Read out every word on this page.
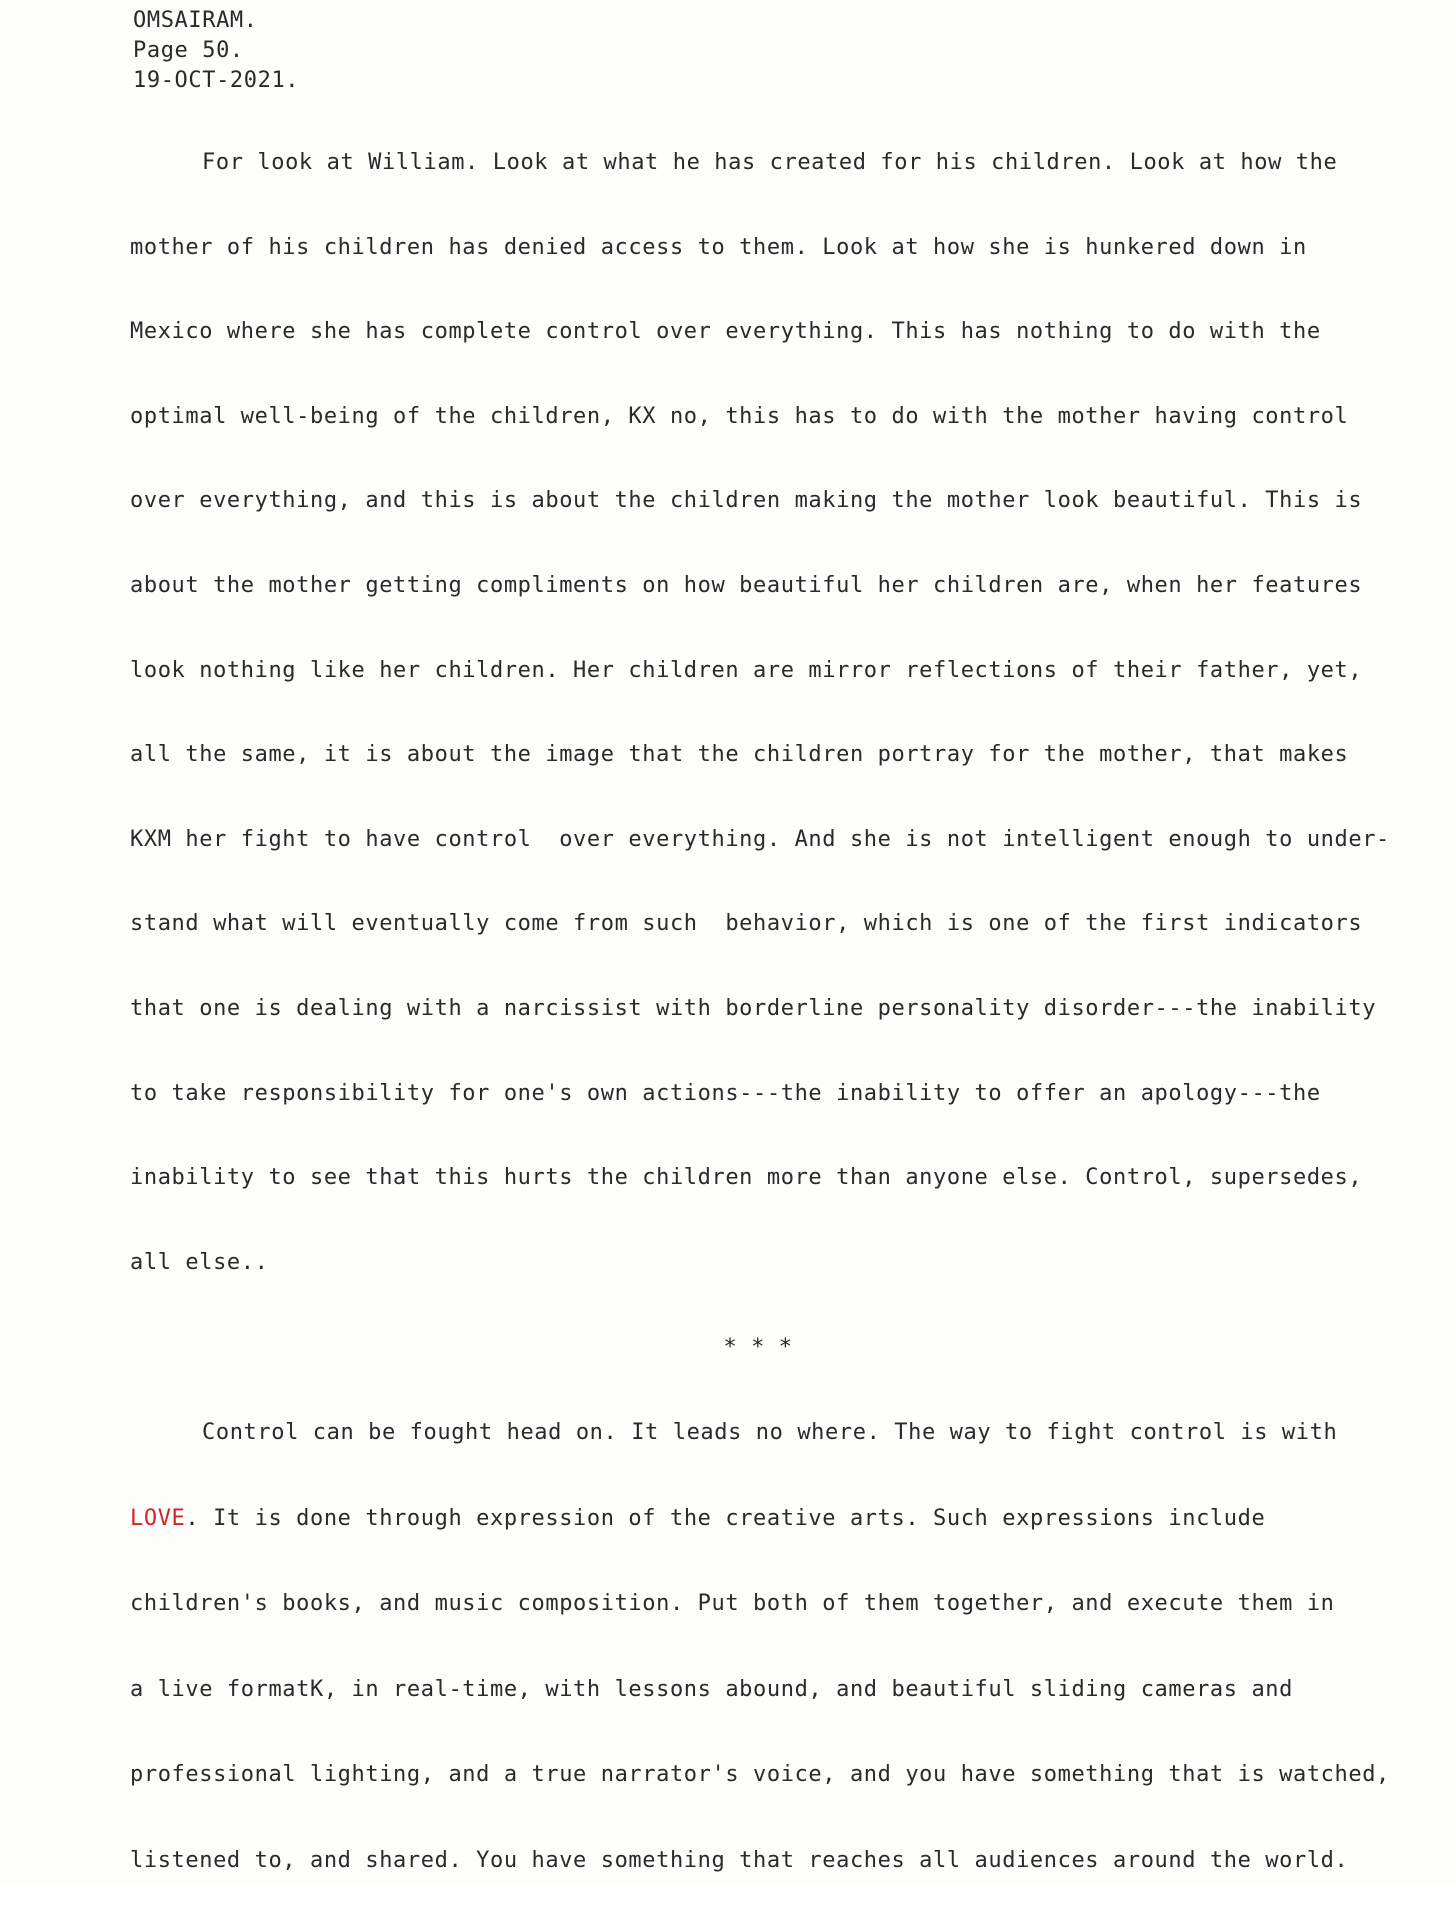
OMSAIRAM.
Page 50.
19-OCT-2021.
For look at William. Look at what he has created for his children. Look at how the
mother of his children has denied access to them. Look at how she is hunkered down in
Mexico where she has complete control over everything. This has nothing to do with the
optimal well-being of the children, KX no, this has to do with the mother having control
over everything, and this is about the children making the mother look beautiful. This is
about the mother getting compliments on how beautiful her children are, when her features
look nothing like her children. Her children are mirror reflections of their father, yet,
all the same, it is about the image that the children portray for the mother, that makes
KXM her fight to have control  over everything. And she is not intelligent enough to under-
stand what will eventually come from such  behavior, which is one of the first indicators
that one is dealing with a narcissist with borderline personality disorder---the inability
to take responsibility for one's own actions---the inability to offer an apology---the
inability to see that this hurts the children more than anyone else. Control, supersedes,
all else..
* * *
Control can be fought head on. It leads no where. The way to fight control is with
LOVE. It is done through expression of the creative arts. Such expressions include
children's books, and music composition. Put both of them together, and execute them in
a live formatK, in real-time, with lessons abound, and beautiful sliding cameras and
professional lighting, and a true narrator's voice, and you have something that is watched,
listened to, and shared. You have something that reaches all audiences around the world.
